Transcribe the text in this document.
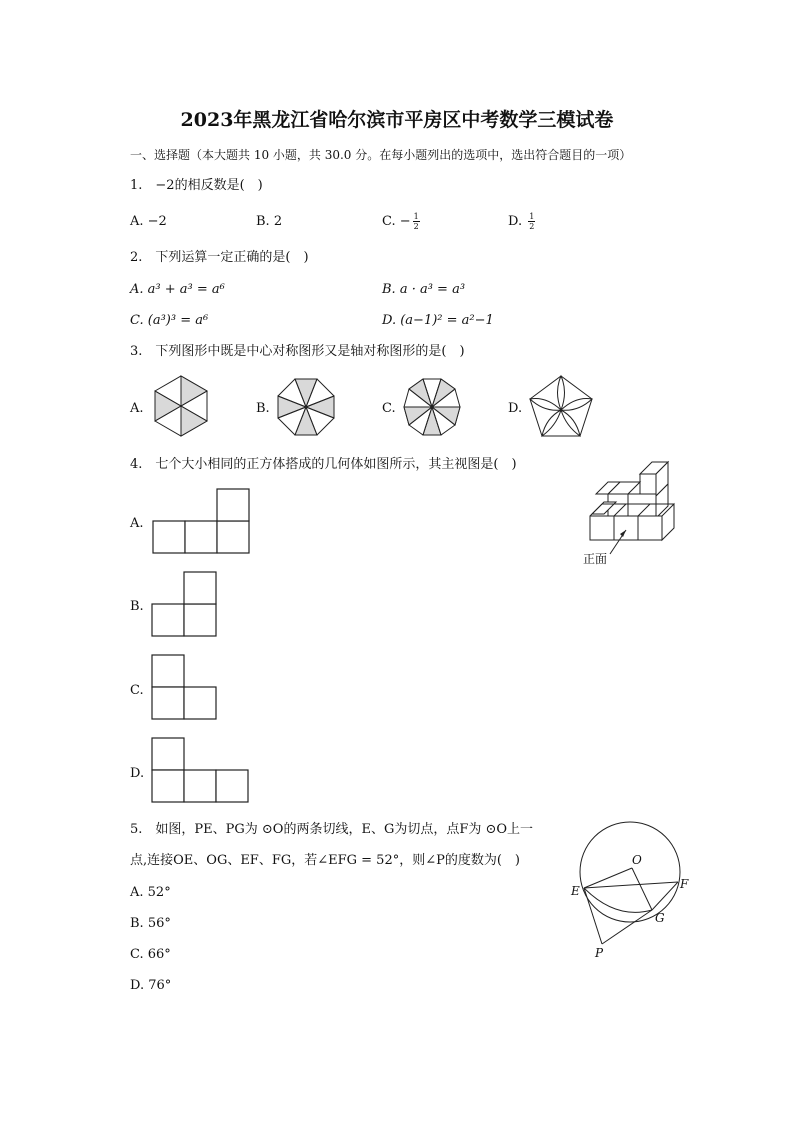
2023年黑龙江省哈尔滨市平房区中考数学三模试卷
一、选择题（本大题共 10 小题，共 30.0 分。在每小题列出的选项中，选出符合题目的一项）
1.　−2的相反数是(　)
A. −2	B. 2	C. − $\frac{1}{2}$	D. $\frac{1}{2}$
2.　下列运算一定正确的是(　)
A. a³ + a³ = a⁶	B. a · a³ = a³
C. (a³)³ = a⁶	D. (a−1)² = a²−1
3.　下列图形中既是中心对称图形又是轴对称图形的是(　)
A.	B.	C.	D.
4.　七个大小相同的正方体搭成的几何体如图所示，其主视图是(　)
正面
A.
B.
C.
D.
5.　如图，PE、PG为 ⊙O的两条切线，E、G为切点，点F为 ⊙O上一
点,连接OE、OG、EF、FG，若∠EFG = 52°，则∠P的度数为(　)
A. 52°
B. 56°
C. 66°
D. 76°
O
E	F
G
P
